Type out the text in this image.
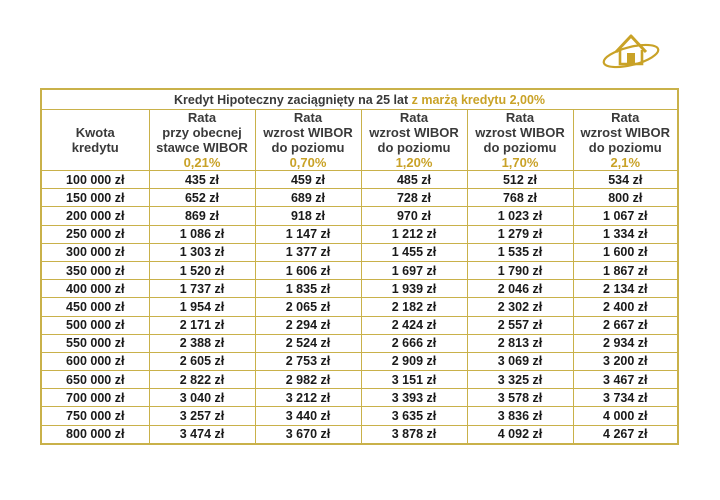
Kredyt Hipoteczny zaciągnięty na 25 lat z marżą kredytu 2,00%					

Kwota
kredytu	Rata
przy obecnej
stawce WIBOR
0,21%	Rata
wzrost WIBOR
do poziomu
0,70%	Rata
wzrost WIBOR
do poziomu
1,20%	Rata
wzrost WIBOR
do poziomu
1,70%	Rata
wzrost WIBOR
do poziomu
2,1%

100 000 zł	435 zł	459 zł	485 zł	512 zł	534 zł
150 000 zł	652 zł	689 zł	728 zł	768 zł	800 zł
200 000 zł	869 zł	918 zł	970 zł	1 023 zł	1 067 zł
250 000 zł	1 086 zł	1 147 zł	1 212 zł	1 279 zł	1 334 zł
300 000 zł	1 303 zł	1 377 zł	1 455 zł	1 535 zł	1 600 zł
350 000 zł	1 520 zł	1 606 zł	1 697 zł	1 790 zł	1 867 zł
400 000 zł	1 737 zł	1 835 zł	1 939 zł	2 046 zł	2 134 zł
450 000 zł	1 954 zł	2 065 zł	2 182 zł	2 302 zł	2 400 zł
500 000 zł	2 171 zł	2 294 zł	2 424 zł	2 557 zł	2 667 zł
550 000 zł	2 388 zł	2 524 zł	2 666 zł	2 813 zł	2 934 zł
600 000 zł	2 605 zł	2 753 zł	2 909 zł	3 069 zł	3 200 zł
650 000 zł	2 822 zł	2 982 zł	3 151 zł	3 325 zł	3 467 zł
700 000 zł	3 040 zł	3 212 zł	3 393 zł	3 578 zł	3 734 zł
750 000 zł	3 257 zł	3 440 zł	3 635 zł	3 836 zł	4 000 zł
800 000 zł	3 474 zł	3 670 zł	3 878 zł	4 092 zł	4 267 zł
